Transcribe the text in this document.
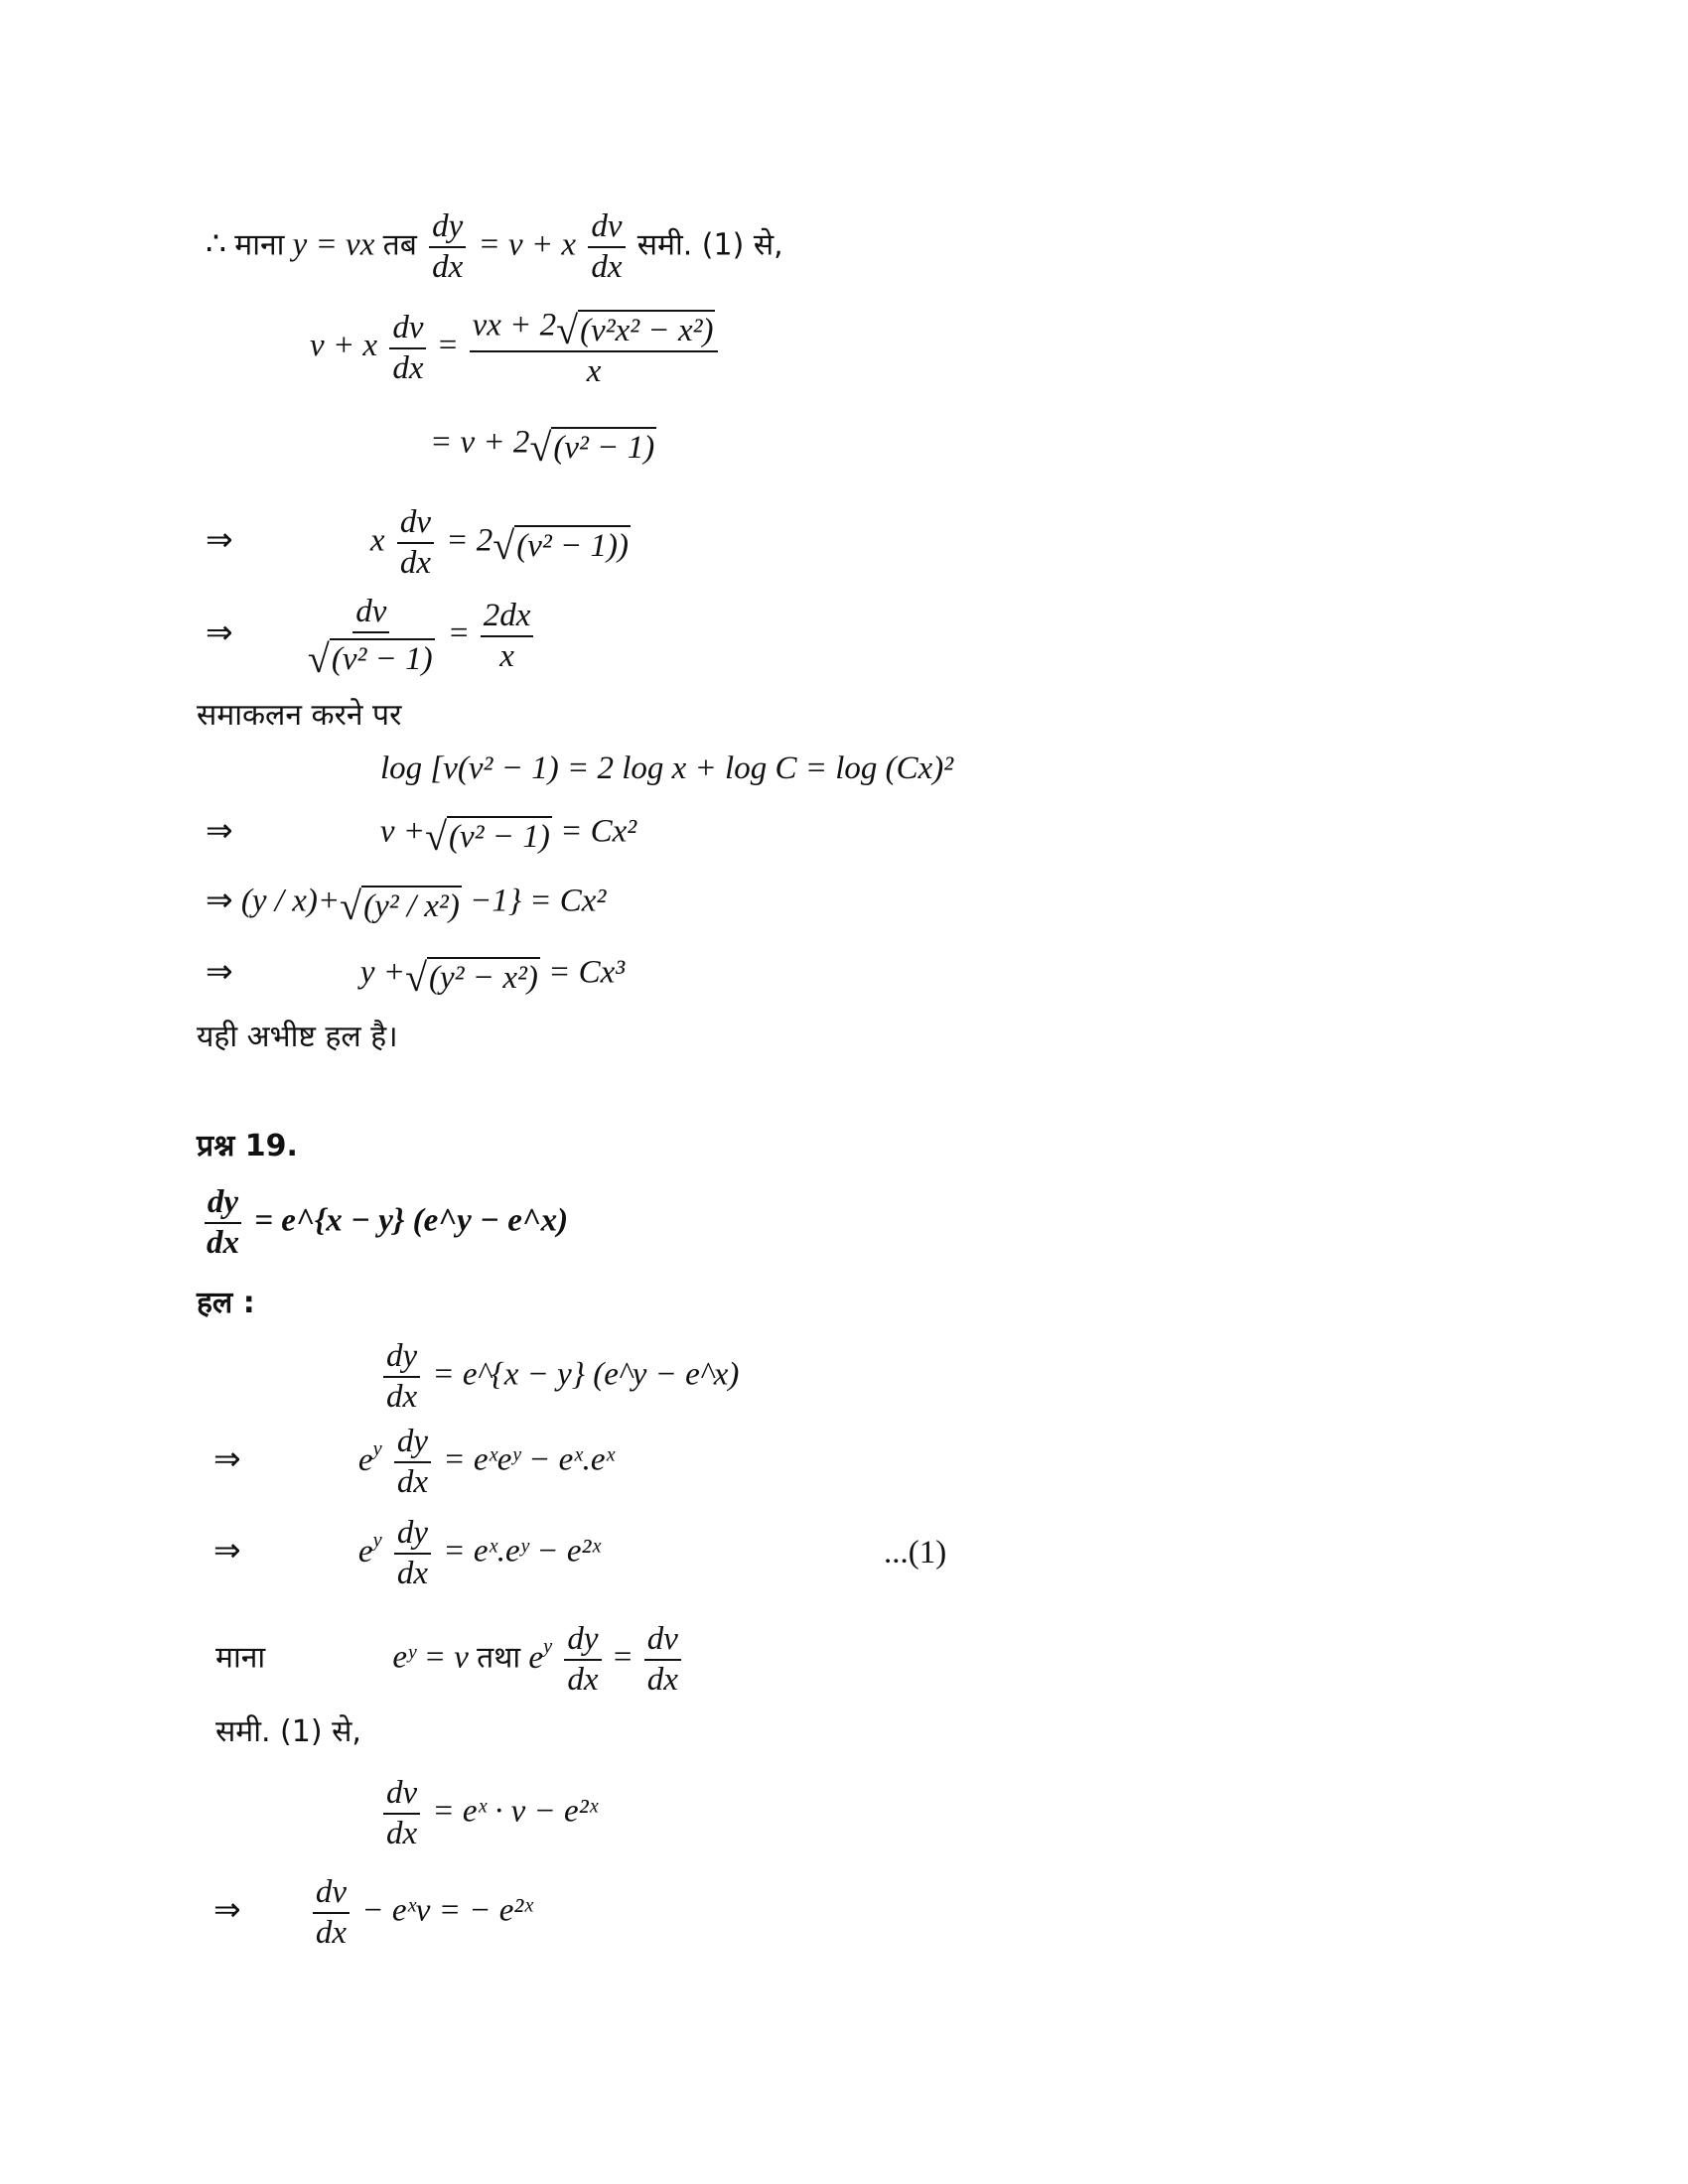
∴ माना y = vx तब $\frac{dy}{dx} = v + x \frac{dv}{dx}$ समी. (1) से,
v + x $\frac{dv}{dx} = \frac{\text{vx + 2 √ (v²x² − x²)}}{x}$
= v + 2 √ (v² − 1)
⇒	x $\frac{dv}{dx} = 2$ √ (v² − 1))
⇒ $\frac{dv}{\text{√ (v² − 1)}} = \frac{2dx}{x}$
समाकलन करने पर
log [v(v² − 1) = 2 log x + log C = log (Cx)²
⇒	v + √ (v² − 1) = Cx²
⇒ (y / x)+ √ (y² / x²) −1} = Cx²
⇒	y + √ (y² − x²) = Cx³
यही अभीष्ट हल है।
प्रश्न 19.
$\frac{dy}{dx}$ = e^{x − y} (e^y − e^x)
हल :
$\frac{dy}{dx}$ = e^{x − y} (e^y − e^x)
⇒	$e^y \frac{dy}{dx}$ = eˣeʸ − eˣ.eˣ
⇒	$e^y \frac{dy}{dx}$ = eˣ.eʸ − e²ˣ	...(1)
माना	eʸ = v तथा $e^y \frac{dy}{dx} = \frac{dv}{dx}$
समी. (1) से,
$\frac{dv}{dx}$ = eˣ · v − e²ˣ
⇒ $\frac{dv}{dx}$ − eˣv = − e²ˣ
